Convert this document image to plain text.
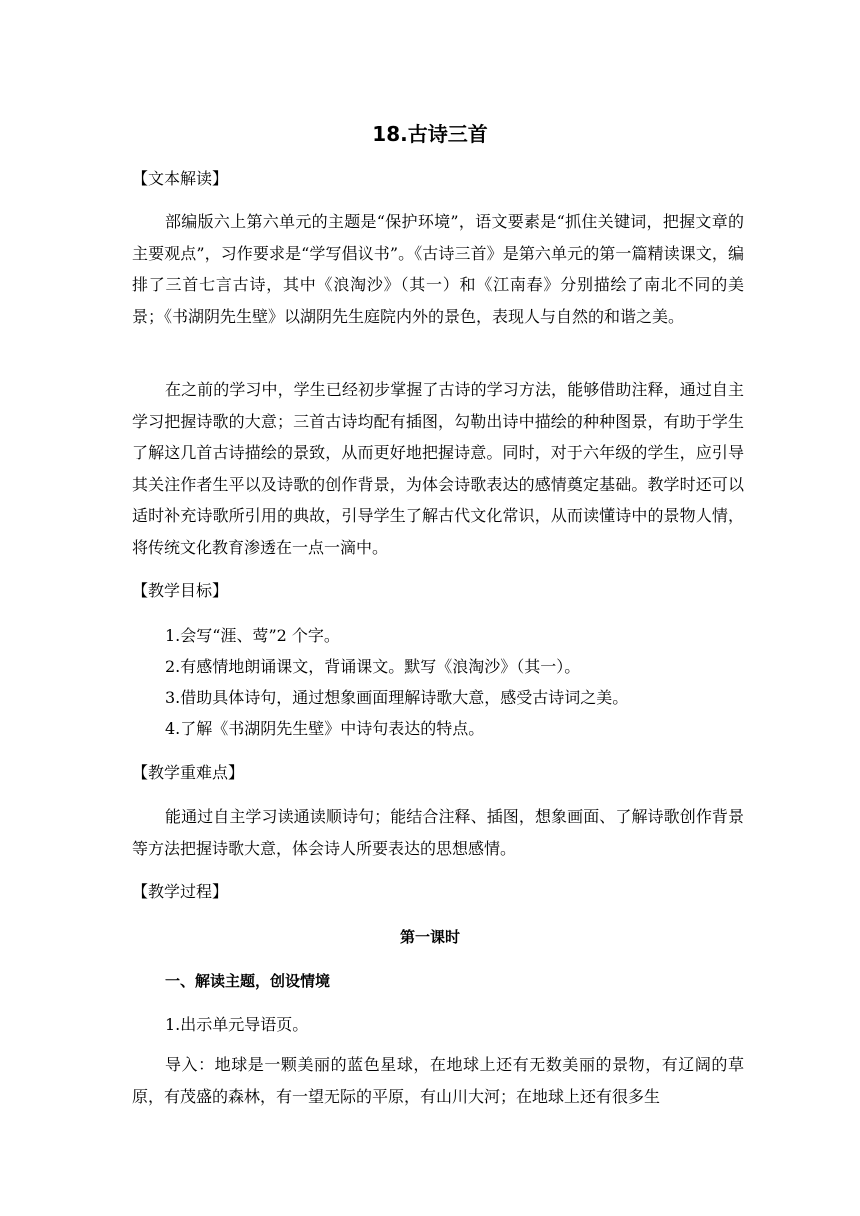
18.古诗三首
【文本解读】
部编版六上第六单元的主题是“保护环境”，语文要素是“抓住关键词，把握文章的主要观点”，习作要求是“学写倡议书”。《古诗三首》是第六单元的第一篇精读课文，编排了三首七言古诗，其中《浪淘沙》（其一）和《江南春》分别描绘了南北不同的美景；《书湖阴先生壁》以湖阴先生庭院内外的景色，表现人与自然的和谐之美。
在之前的学习中，学生已经初步掌握了古诗的学习方法，能够借助注释，通过自主学习把握诗歌的大意；三首古诗均配有插图，勾勒出诗中描绘的种种图景，有助于学生了解这几首古诗描绘的景致，从而更好地把握诗意。同时，对于六年级的学生，应引导其关注作者生平以及诗歌的创作背景，为体会诗歌表达的感情奠定基础。教学时还可以适时补充诗歌所引用的典故，引导学生了解古代文化常识，从而读懂诗中的景物人情，将传统文化教育渗透在一点一滴中。
【教学目标】
1.会写“涯、莺”2 个字。
2.有感情地朗诵课文，背诵课文。默写《浪淘沙》（其一）。
3.借助具体诗句，通过想象画面理解诗歌大意，感受古诗词之美。
4.了解《书湖阴先生壁》中诗句表达的特点。
【教学重难点】
能通过自主学习读通读顺诗句；能结合注释、插图，想象画面、了解诗歌创作背景等方法把握诗歌大意，体会诗人所要表达的思想感情。
【教学过程】
第一课时
一、解读主题，创设情境
1.出示单元导语页。
导入：地球是一颗美丽的蓝色星球，在地球上还有无数美丽的景物，有辽阔的草原，有茂盛的森林，有一望无际的平原，有山川大河；在地球上还有很多生
